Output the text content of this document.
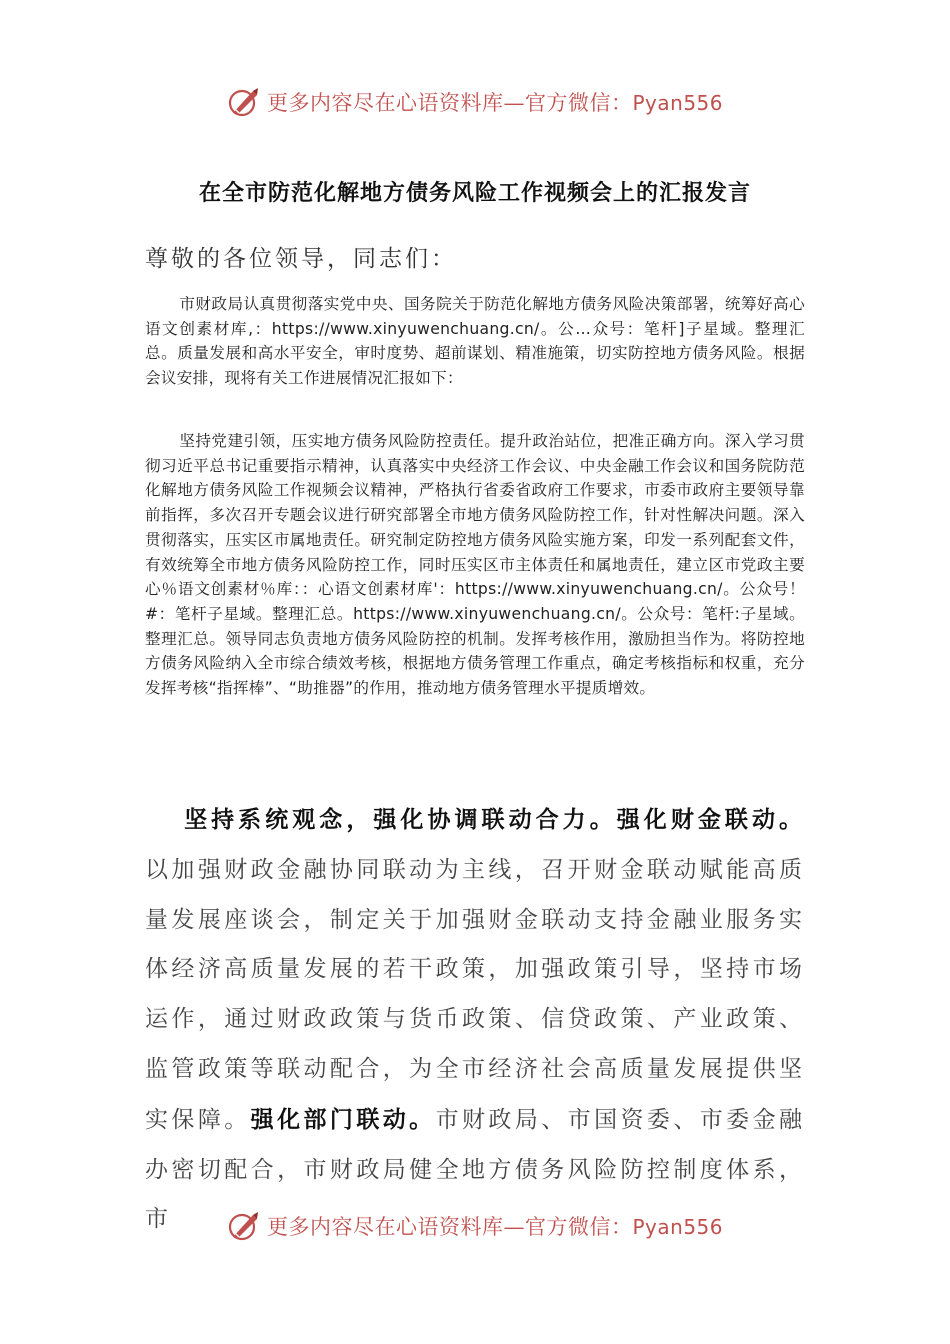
更多内容尽在心语资料库—官方微信：Pyan556
在全市防范化解地方债务风险工作视频会上的汇报发言
尊敬的各位领导，同志们：
市财政局认真贯彻落实党中央、国务院关于防范化解地方债务风险决策部署，统筹好高心语文创素材库,：https://www.xinyuwenchuang.cn/。公…众号：笔杆]子星域。整理汇总。质量发展和高水平安全，审时度势、超前谋划、精准施策，切实防控地方债务风险。根据会议安排，现将有关工作进展情况汇报如下：
坚持党建引领，压实地方债务风险防控责任。提升政治站位，把准正确方向。深入学习贯彻习近平总书记重要指示精神，认真落实中央经济工作会议、中央金融工作会议和国务院防范化解地方债务风险工作视频会议精神，严格执行省委省政府工作要求，市委市政府主要领导靠前指挥，多次召开专题会议进行研究部署全市地方债务风险防控工作，针对性解决问题。深入贯彻落实，压实区市属地责任。研究制定防控地方债务风险实施方案，印发一系列配套文件，有效统筹全市地方债务风险防控工作，同时压实区市主体责任和属地责任，建立区市党政主要心％语文创素材％库：：心语文创素材库'：https://www.xinyuwenchuang.cn/。公众号！#：笔杆子星域。整理汇总。https://www.xinyuwenchuang.cn/。公众号：笔杆:子星域。整理汇总。领导同志负责地方债务风险防控的机制。发挥考核作用，激励担当作为。将防控地方债务风险纳入全市综合绩效考核，根据地方债务管理工作重点，确定考核指标和权重，充分发挥考核“指挥棒”、“助推器”的作用，推动地方债务管理水平提质增效。
坚持系统观念，强化协调联动合力。强化财金联动。以加强财政金融协同联动为主线，召开财金联动赋能高质量发展座谈会，制定关于加强财金联动支持金融业服务实体经济高质量发展的若干政策，加强政策引导，坚持市场运作，通过财政政策与货币政策、信贷政策、产业政策、监管政策等联动配合，为全市经济社会高质量发展提供坚实保障。强化部门联动。市财政局、市国资委、市委金融办密切配合，市财政局健全地方债务风险防控制度体系，市	更多内容尽在心语资料库—官方微信：Pyan556
